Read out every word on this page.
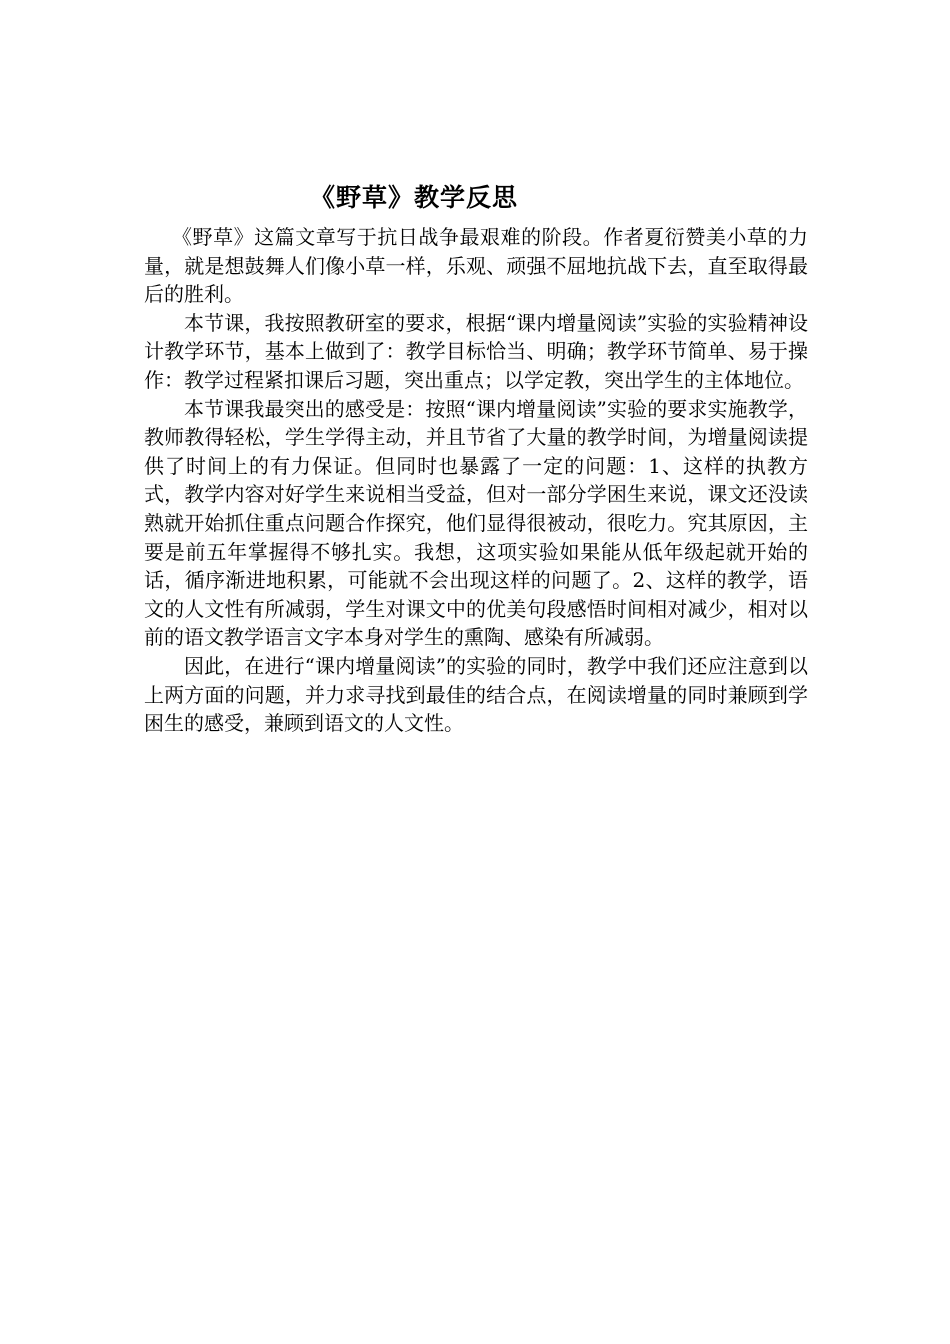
《野草》教学反思

《野草》这篇文章写于抗日战争最艰难的阶段。作者夏衍赞美小草的力量，就是想鼓舞人们像小草一样，乐观、顽强不屈地抗战下去，直至取得最后的胜利。

本节课，我按照教研室的要求，根据“课内增量阅读”实验的实验精神设计教学环节，基本上做到了：教学目标恰当、明确；教学环节简单、易于操作：教学过程紧扣课后习题，突出重点；以学定教，突出学生的主体地位。

本节课我最突出的感受是：按照“课内增量阅读”实验的要求实施教学，教师教得轻松，学生学得主动，并且节省了大量的教学时间，为增量阅读提供了时间上的有力保证。但同时也暴露了一定的问题：1、这样的执教方式，教学内容对好学生来说相当受益，但对一部分学困生来说，课文还没读熟就开始抓住重点问题合作探究，他们显得很被动，很吃力。究其原因，主要是前五年掌握得不够扎实。我想，这项实验如果能从低年级起就开始的话，循序渐进地积累，可能就不会出现这样的问题了。2、这样的教学，语文的人文性有所减弱，学生对课文中的优美句段感悟时间相对减少，相对以前的语文教学语言文字本身对学生的熏陶、感染有所减弱。

因此，在进行“课内增量阅读”的实验的同时，教学中我们还应注意到以上两方面的问题，并力求寻找到最佳的结合点，在阅读增量的同时兼顾到学困生的感受，兼顾到语文的人文性。
